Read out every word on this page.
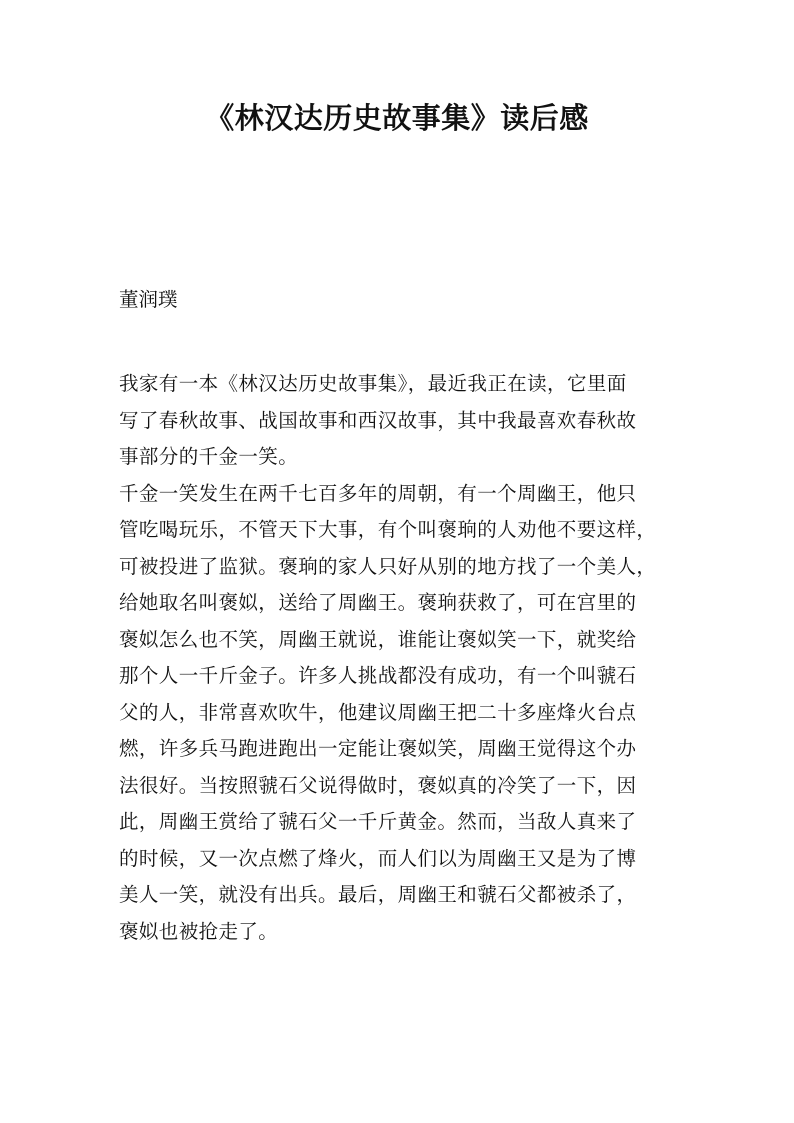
《林汉达历史故事集》读后感

董润璞

我家有一本《林汉达历史故事集》，最近我正在读，它里面
写了春秋故事、战国故事和西汉故事，其中我最喜欢春秋故
事部分的千金一笑。
千金一笑发生在两千七百多年的周朝，有一个周幽王，他只
管吃喝玩乐，不管天下大事，有个叫褒珦的人劝他不要这样，
可被投进了监狱。褒珦的家人只好从别的地方找了一个美人，
给她取名叫褒姒，送给了周幽王。褒珦获救了，可在宫里的
褒姒怎么也不笑，周幽王就说，谁能让褒姒笑一下，就奖给
那个人一千斤金子。许多人挑战都没有成功，有一个叫虢石
父的人，非常喜欢吹牛，他建议周幽王把二十多座烽火台点
燃，许多兵马跑进跑出一定能让褒姒笑，周幽王觉得这个办
法很好。当按照虢石父说得做时，褒姒真的冷笑了一下，因
此，周幽王赏给了虢石父一千斤黄金。然而，当敌人真来了
的时候，又一次点燃了烽火，而人们以为周幽王又是为了博
美人一笑，就没有出兵。最后，周幽王和虢石父都被杀了，
褒姒也被抢走了。
